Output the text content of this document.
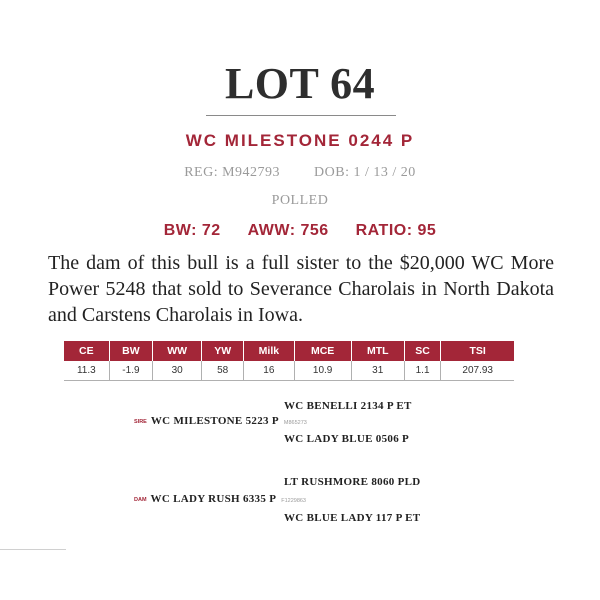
LOT 64
WC MILESTONE 0244 P
REG: M942793 DOB: 1 / 13 / 20
POLLED
BW: 72 AWW: 756 RATIO: 95

The dam of this bull is a full sister to the $20,000 WC More Power 5248 that sold to Severance Charolais in North Dakota and Carstens Charolais in Iowa.

CE	BW	WW	YW	Milk	MCE	MTL	SC	TSI
11.3	-1.9	30	58	16	10.9	31	1.1	207.93
WC BENELLI 2134 P ET
SIRE WC MILESTONE 5223 P M865273
WC LADY BLUE 0506 P
LT RUSHMORE 8060 PLD
DAM WC LADY RUSH 6335 P F1229863
WC BLUE LADY 117 P ET
